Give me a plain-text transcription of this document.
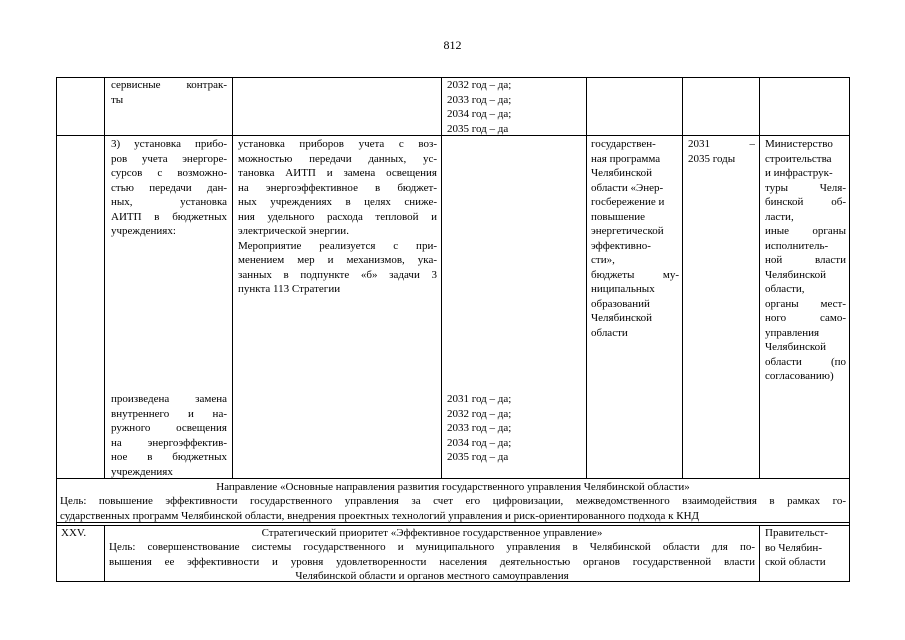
812
сервисные контрак-
ты
2032 год – да;
2033 год – да;
2034 год – да;
2035 год – да
3) установка прибо-
ров учета энергоре-
сурсов с возможно-
стью передачи дан-
ных, установка
АИТП в бюджетных
учреждениях:
установка приборов учета с воз-
можностью передачи данных, ус-
тановка АИТП и замена освещения
на энергоэффективное в бюджет-
ных учреждениях в целях сниже-
ния удельного расхода тепловой и
электрической энергии.
Мероприятие реализуется с при-
менением мер и механизмов, ука-
занных в подпункте «б» задачи 3
пункта 113 Стратегии
государствен-
ная программа
Челябинской
области «Энер-
госбережение и
повышение
энергетической
эффективно-
сти»,
бюджеты му-
ниципальных
образований
Челябинской
области
2031 –
2035 годы
Министерство
строительства
и инфраструк-
туры Челя-
бинской об-
ласти,
иные органы
исполнитель-
ной власти
Челябинской
области,
органы мест-
ного само-
управления
Челябинской
области (по
согласованию)
произведена замена
внутреннего и на-
ружного освещения
на энергоэффектив-
ное в бюджетных
учреждениях
2031 год – да;
2032 год – да;
2033 год – да;
2034 год – да;
2035 год – да
Направление «Основные направления развития государственного управления Челябинской области»
Цель: повышение эффективности государственного управления за счет его цифровизации, межведомственного взаимодействия в рамках го-
сударственных программ Челябинской области, внедрения проектных технологий управления и риск-ориентированного подхода к КНД
XXV.	Стратегический приоритет «Эффективное государственное управление»
Цель: совершенствование системы государственного и муниципального управления в Челябинской области для по-
вышения ее эффективности и уровня удовлетворенности населения деятельностью органов государственной власти
Челябинской области и органов местного самоуправления
Правительст-
во Челябин-
ской области
